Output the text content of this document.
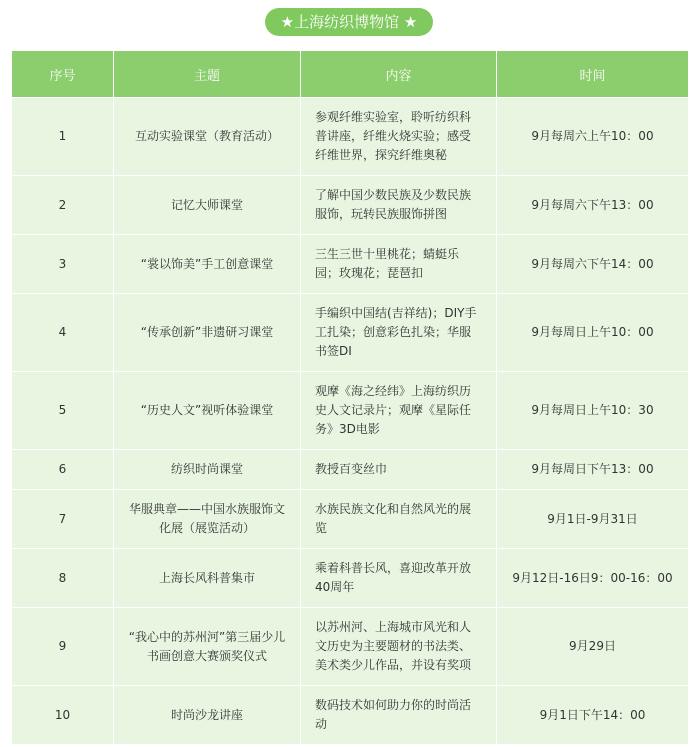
★上海纺织博物馆 ★
序号	主题	内容	时间
1	互动实验课堂（教育活动）	参观纤维实验室，聆听纺织科普讲座，纤维火烧实验；感受纤维世界，探究纤维奥秘	9月每周六上午10：00
2	记忆大师课堂	了解中国少数民族及少数民族服饰，玩转民族服饰拼图	9月每周六下午13：00
3	“裳以饰美”手工创意课堂	三生三世十里桃花；蜻蜓乐园；玫瑰花；琵琶扣	9月每周六下午14：00
4	“传承创新”非遗研习课堂	手编织中国结(吉祥结)；DIY手工扎染；创意彩色扎染；华服书签DI	9月每周日上午10：00
5	“历史人文”视听体验课堂	观摩《海之经纬》上海纺织历史人文记录片；观摩《星际任务》3D电影	9月每周日上午10：30
6	纺织时尚课堂	教授百变丝巾	9月每周日下午13：00
7	华服典章——中国水族服饰文化展（展览活动）	水族民族文化和自然风光的展览	9月1日-9月31日
8	上海长风科普集市	乘着科普长风，喜迎改革开放40周年	9月12日-16日9：00-16：00
9	“我心中的苏州河”第三届少儿书画创意大赛颁奖仪式	以苏州河、上海城市风光和人文历史为主要题材的书法类、美术类少儿作品，并设有奖项	9月29日
10	时尚沙龙讲座	数码技术如何助力你的时尚活动	9月1日下午14：00
